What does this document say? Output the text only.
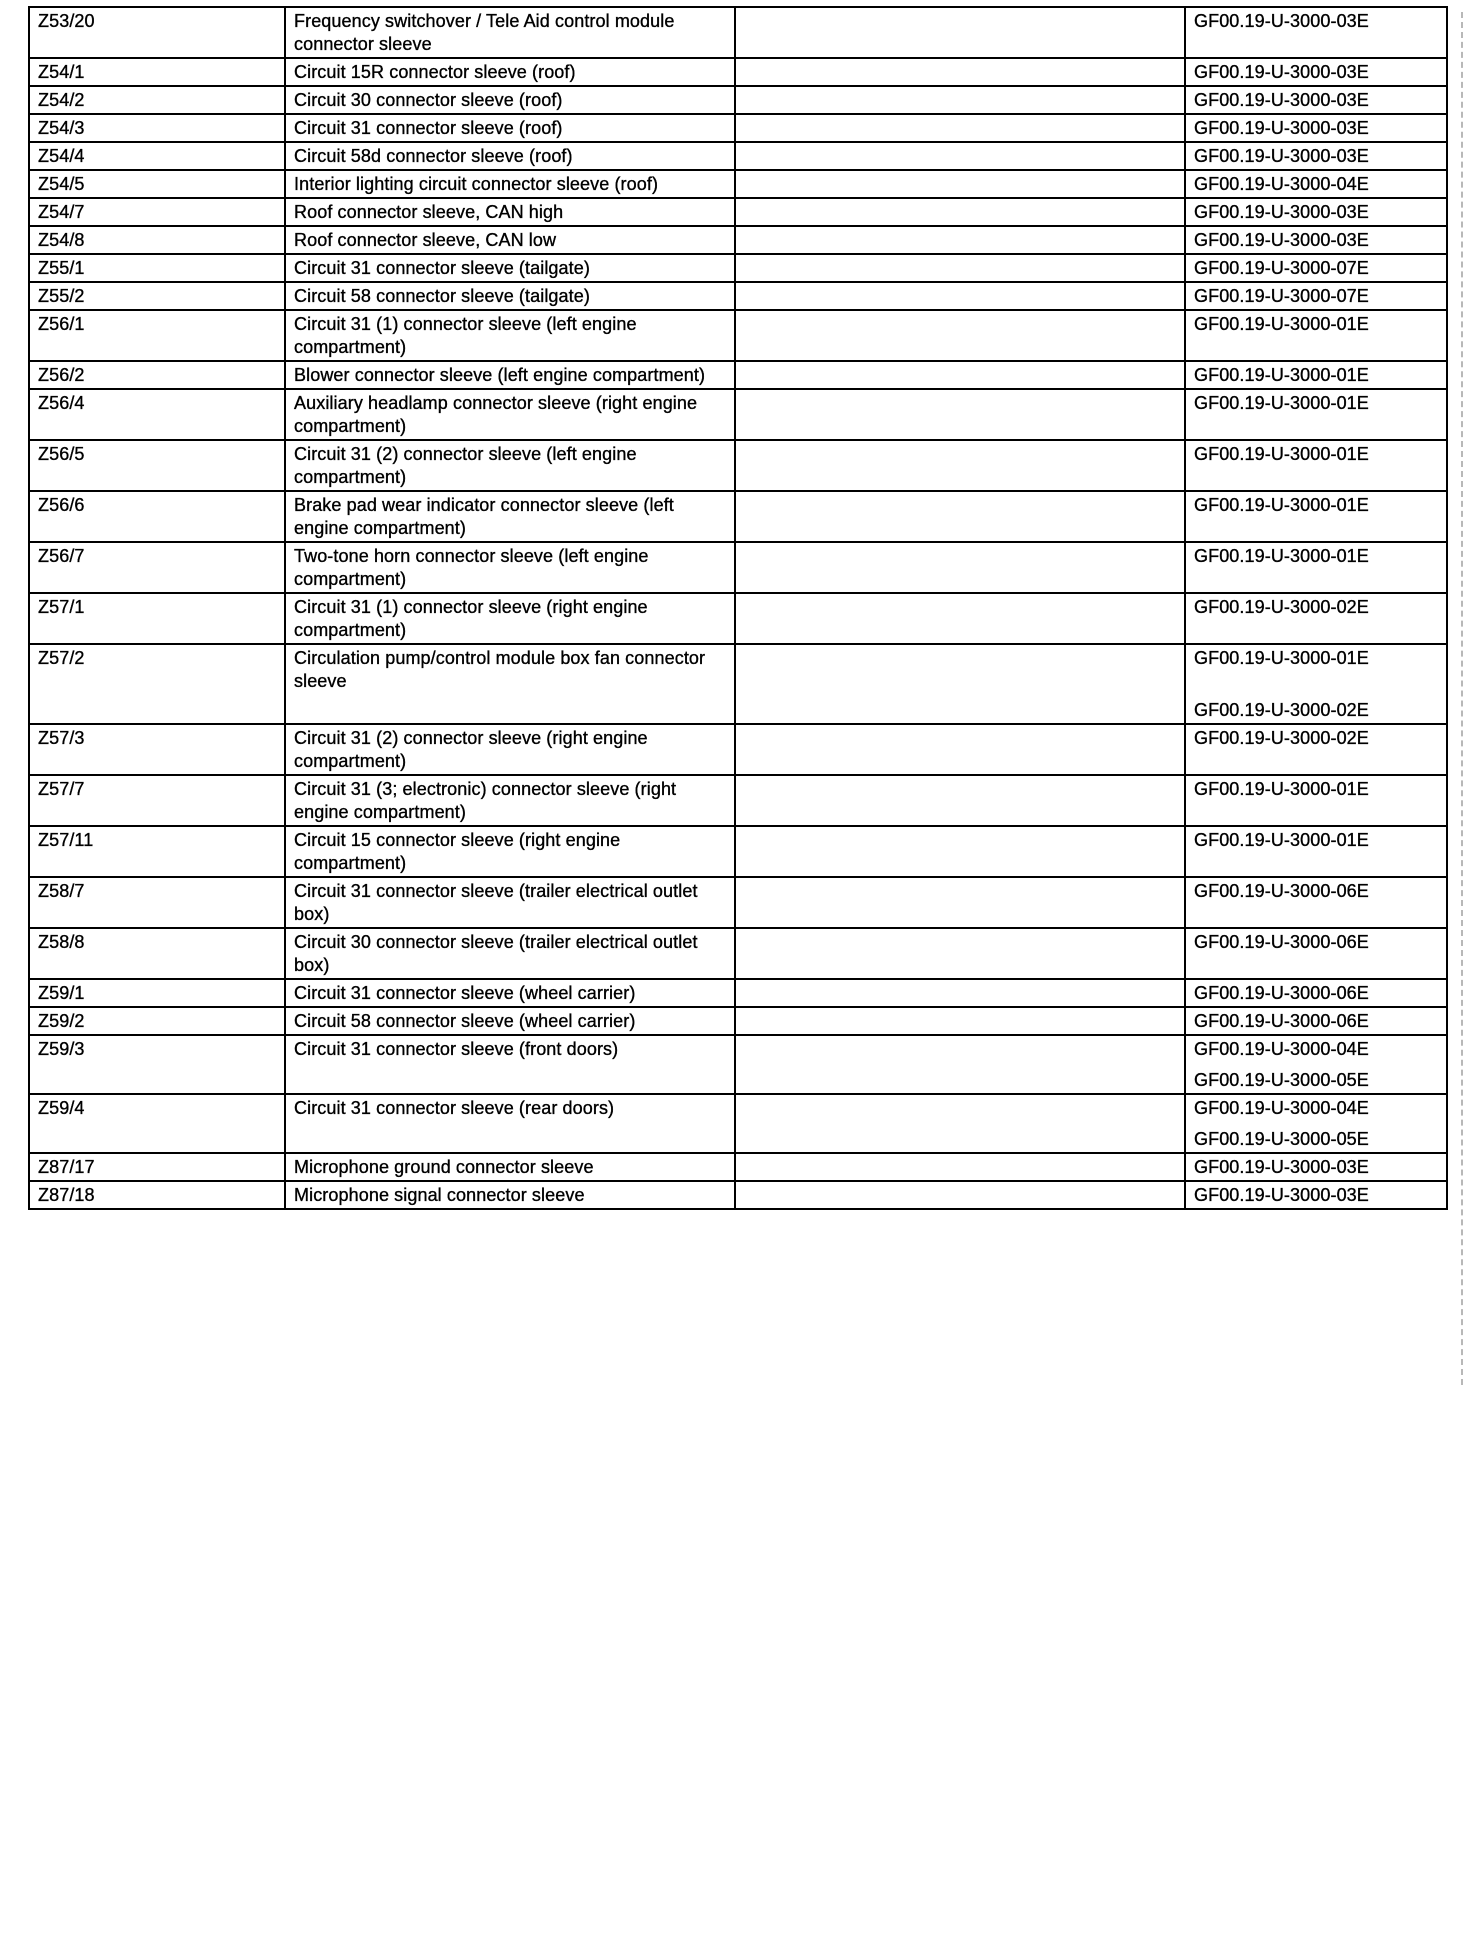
Z53/20	Frequency switchover / Tele Aid control module connector sleeve		GF00.19-U-3000-03E

Z54/1	Circuit 15R connector sleeve (roof)		GF00.19-U-3000-03E

Z54/2	Circuit 30 connector sleeve (roof)		GF00.19-U-3000-03E

Z54/3	Circuit 31 connector sleeve (roof)		GF00.19-U-3000-03E

Z54/4	Circuit 58d connector sleeve (roof)		GF00.19-U-3000-03E

Z54/5	Interior lighting circuit connector sleeve (roof)		GF00.19-U-3000-04E

Z54/7	Roof connector sleeve, CAN high		GF00.19-U-3000-03E

Z54/8	Roof connector sleeve, CAN low		GF00.19-U-3000-03E

Z55/1	Circuit 31 connector sleeve (tailgate)		GF00.19-U-3000-07E

Z55/2	Circuit 58 connector sleeve (tailgate)		GF00.19-U-3000-07E

Z56/1	Circuit 31 (1) connector sleeve (left engine compartment)		GF00.19-U-3000-01E

Z56/2	Blower connector sleeve (left engine compartment)		GF00.19-U-3000-01E

Z56/4	Auxiliary headlamp connector sleeve (right engine compartment)		GF00.19-U-3000-01E

Z56/5	Circuit 31 (2) connector sleeve (left engine compartment)		GF00.19-U-3000-01E

Z56/6	Brake pad wear indicator connector sleeve (left engine compartment)		GF00.19-U-3000-01E

Z56/7	Two-tone horn connector sleeve (left engine compartment)		GF00.19-U-3000-01E

Z57/1	Circuit 31 (1) connector sleeve (right engine compartment)		GF00.19-U-3000-02E

Z57/2	Circulation pump/control module box fan connector sleeve		GF00.19-U-3000-01E
GF00.19-U-3000-02E

Z57/3	Circuit 31 (2) connector sleeve (right engine compartment)		GF00.19-U-3000-02E

Z57/7	Circuit 31 (3; electronic) connector sleeve (right engine compartment)		GF00.19-U-3000-01E

Z57/11	Circuit 15 connector sleeve (right engine compartment)		GF00.19-U-3000-01E

Z58/7	Circuit 31 connector sleeve (trailer electrical outlet box)		GF00.19-U-3000-06E

Z58/8	Circuit 30 connector sleeve (trailer electrical outlet box)		GF00.19-U-3000-06E

Z59/1	Circuit 31 connector sleeve (wheel carrier)		GF00.19-U-3000-06E

Z59/2	Circuit 58 connector sleeve (wheel carrier)		GF00.19-U-3000-06E

Z59/3	Circuit 31 connector sleeve (front doors)		GF00.19-U-3000-04E
GF00.19-U-3000-05E

Z59/4	Circuit 31 connector sleeve (rear doors)		GF00.19-U-3000-04E
GF00.19-U-3000-05E

Z87/17	Microphone ground connector sleeve		GF00.19-U-3000-03E

Z87/18	Microphone signal connector sleeve		GF00.19-U-3000-03E
